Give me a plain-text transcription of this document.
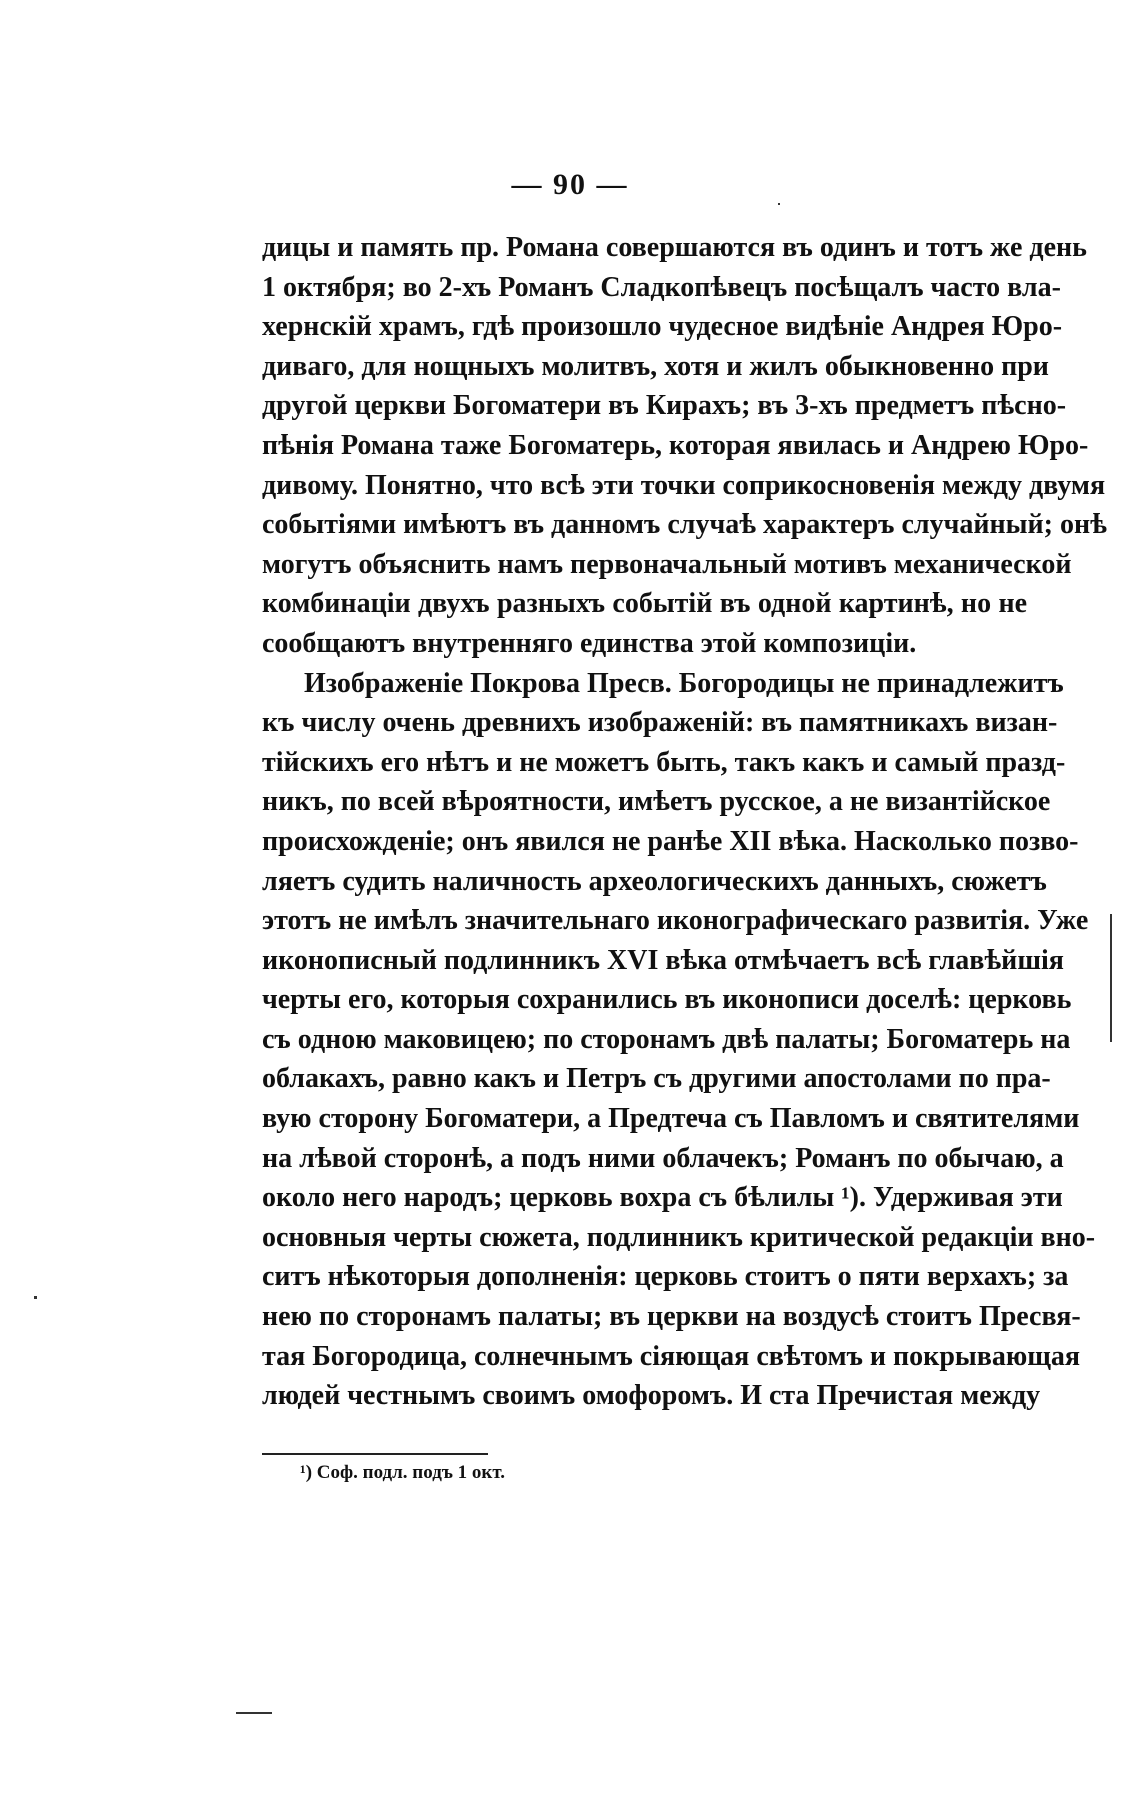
— 90 —
дицы и память пр. Романа совершаются въ одинъ и тотъ же день
1 октября; во 2-хъ Романъ Сладкопѣвецъ посѣщалъ часто вла-
хернскій храмъ, гдѣ произошло чудесное видѣніе Андрея Юро-
диваго, для нощныхъ молитвъ, хотя и жилъ обыкновенно при
другой церкви Богоматери въ Кирахъ; въ 3-хъ предметъ пѣсно-
пѣнія Романа таже Богоматерь, которая явилась и Андрею Юро-
дивому. Понятно, что всѣ эти точки соприкосновенія между двумя
событіями имѣютъ въ данномъ случаѣ характеръ случайный; онѣ
могутъ объяснить намъ первоначальный мотивъ механической
комбинаціи двухъ разныхъ событій въ одной картинѣ, но не
сообщаютъ внутренняго единства этой композиціи.
Изображеніе Покрова Пресв. Богородицы не принадлежитъ
къ числу очень древнихъ изображеній: въ памятникахъ визан-
тійскихъ его нѣтъ и не можетъ быть, такъ какъ и самый празд-
никъ, по всей вѣроятности, имѣетъ русское, а не византійское
происхожденіе; онъ явился не ранѣе XII вѣка. Насколько позво-
ляетъ судить наличность археологическихъ данныхъ, сюжетъ
этотъ не имѣлъ значительнаго иконографическаго развитія. Уже
иконописный подлинникъ XVI вѣка отмѣчаетъ всѣ главѣйшія
черты его, которыя сохранились въ иконописи доселѣ: церковь
съ одною маковицею; по сторонамъ двѣ палаты; Богоматерь на
облакахъ, равно какъ и Петръ съ другими апостолами по пра-
вую сторону Богоматери, а Предтеча съ Павломъ и святителями
на лѣвой сторонѣ, а подъ ними облачекъ; Романъ по обычаю, а
около него народъ; церковь вохра съ бѣлилы ¹). Удерживая эти
основныя черты сюжета, подлинникъ критической редакціи вно-
ситъ нѣкоторыя дополненія: церковь стоитъ о пяти верхахъ; за
нею по сторонамъ палаты; въ церкви на воздусѣ стоитъ Пресвя-
тая Богородица, солнечнымъ сіяющая свѣтомъ и покрывающая
людей честнымъ своимъ омофоромъ. И ста Пречистая между
¹) Соф. подл. подъ 1 окт.
